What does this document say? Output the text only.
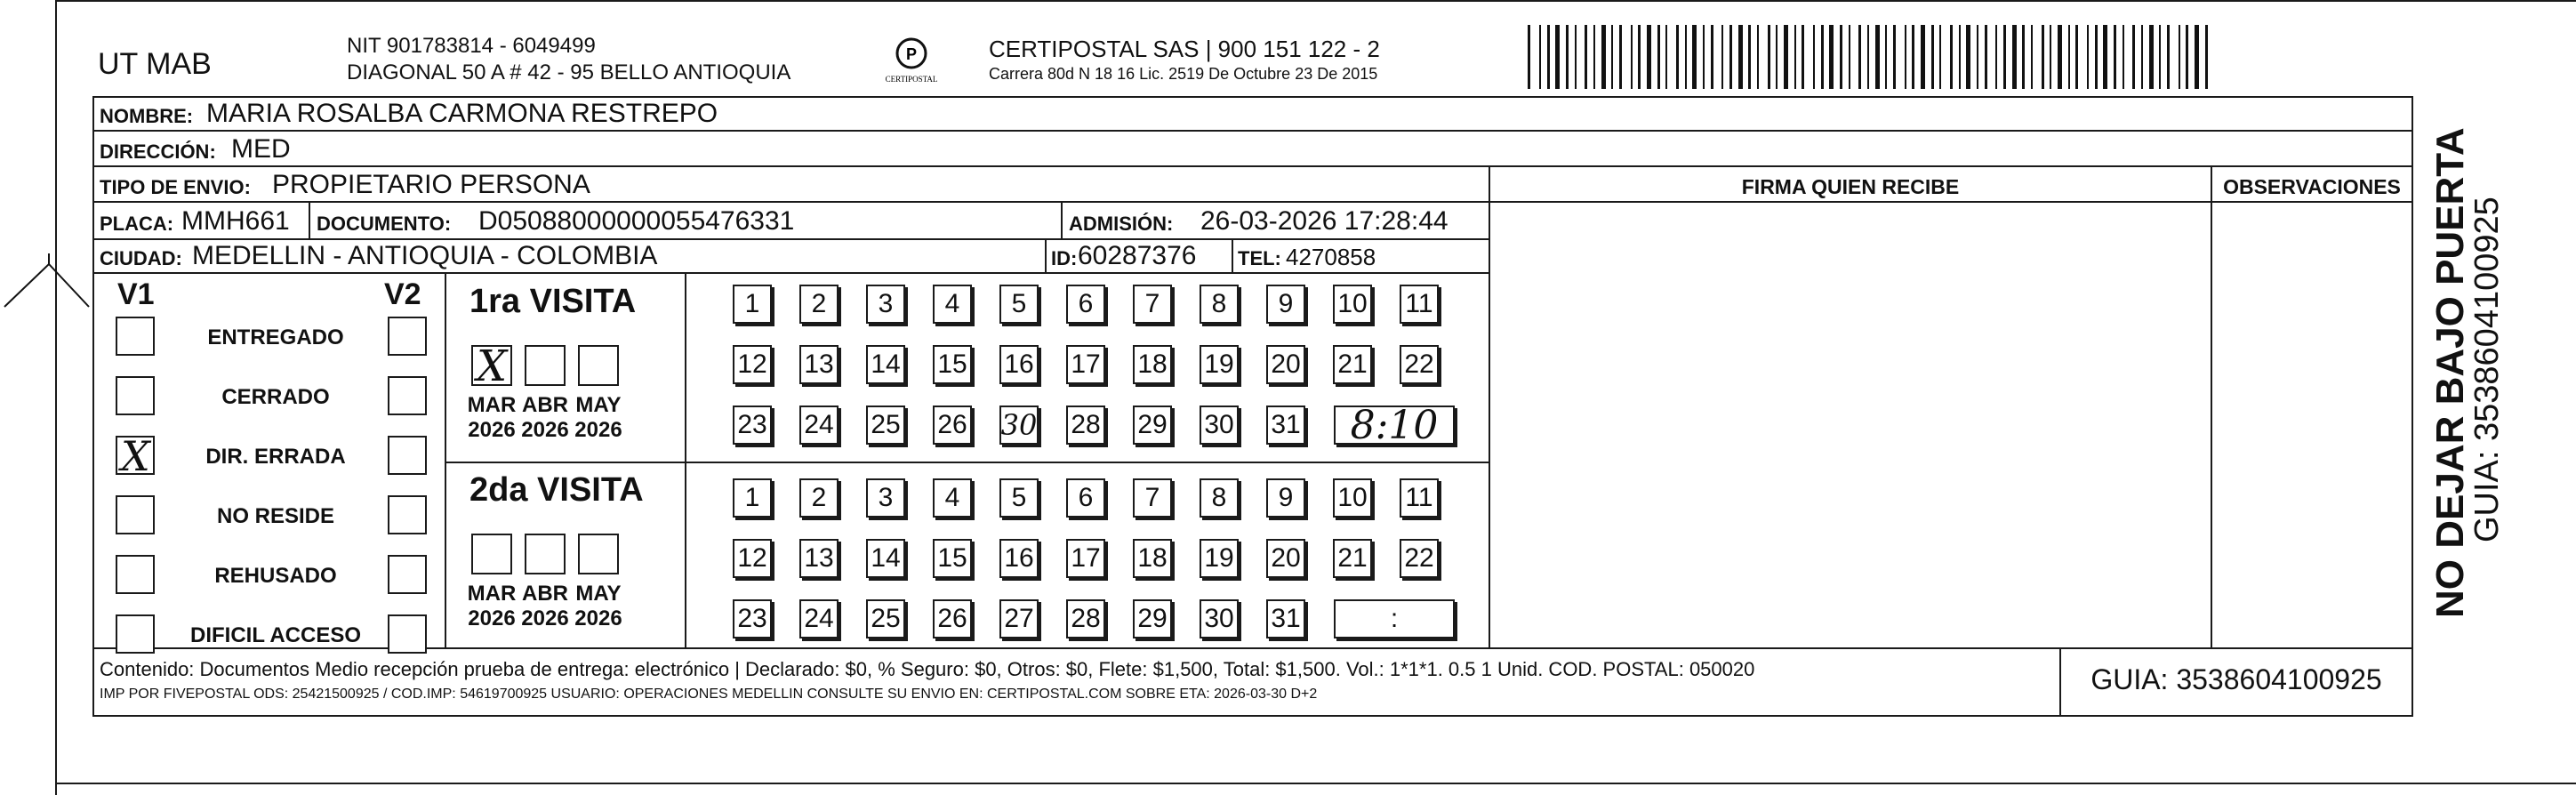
UT MAB
NIT 901783814 - 6049499
DIAGONAL 50 A # 42 - 95 BELLO ANTIOQUIA
P
CERTIPOSTAL
CERTIPOSTAL SAS | 900 151 122 - 2
Carrera 80d N 18 16 Lic. 2519 De Octubre 23 De 2015
NOMBRE: MARIA ROSALBA CARMONA RESTREPO
DIRECCIÓN: MED
TIPO DE ENVIO: PROPIETARIO PERSONA
PLACA: MMH661 DOCUMENTO: D05088000000055476331	ADMISIÓN: 26-03-2026 17:28:44
CIUDAD: MEDELLIN - ANTIOQUIA - COLOMBIA	ID: 60287376 TEL: 4270858
FIRMA QUIEN RECIBE	OBSERVACIONES
V1	V2
ENTREGADO
CERRADO
X	DIR. ERRADA
NO RESIDE
REHUSADO
DIFICIL ACCESO
1ra VISITA
X
MAR
2026
ABR
2026
MAY
2026
1	2	3	4	5	6	7	8	9	10 11
12 13 14 15 16 17 18 19 20 21 22
23 24 25 26 30 28 29 30 31 8:10
2da VISITA
MAR
2026
ABR
2026
MAY
2026
1	2	3	4	5	6	7	8	9	10 11
12 13 14 15 16 17 18 19 20 21 22
23 24 25 26 27 28 29 30 31	:
Contenido: Documentos Medio recepción prueba de entrega: electrónico | Declarado: $0, % Seguro: $0, Otros: $0, Flete: $1,500, Total: $1,500. Vol.: 1*1*1. 0.5 1 Unid. COD. POSTAL: 050020
IMP POR FIVEPOSTAL ODS: 25421500925 / COD.IMP: 54619700925 USUARIO: OPERACIONES MEDELLIN CONSULTE SU ENVIO EN: CERTIPOSTAL.COM SOBRE ETA: 2026-03-30 D+2	GUIA: 3538604100925
NO DEJAR BAJO PUERTA
GUIA: 3538604100925
